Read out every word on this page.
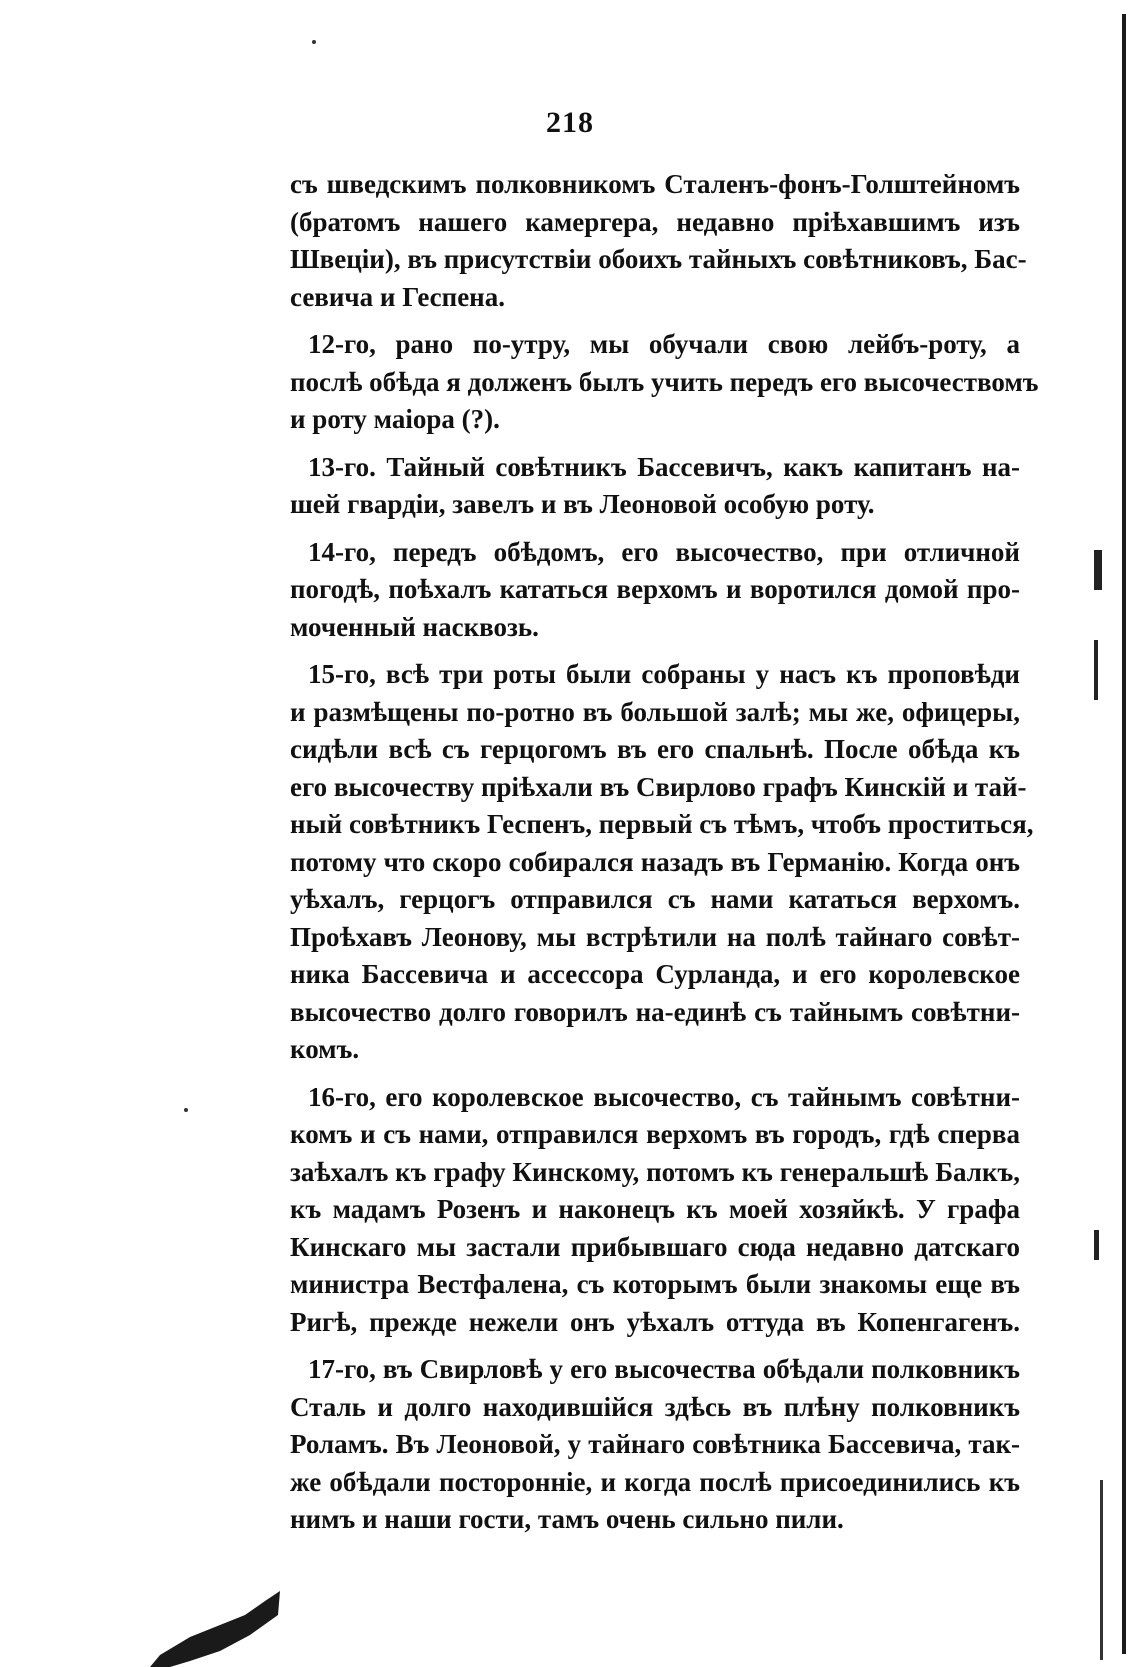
218

съ шведскимъ полковникомъ Сталенъ-фонъ-Голштейномъ
(братомъ нашего камергера, недавно пріѣхавшимъ изъ
Швеціи), въ присутствіи обоихъ тайныхъ совѣтниковъ, Бас-
севича и Геспена.

12-го, рано по-утру, мы обучали свою лейбъ-роту, а
послѣ обѣда я долженъ былъ учить передъ его высочествомъ
и роту маіора (?).

13-го. Тайный совѣтникъ Бассевичъ, какъ капитанъ на-
шей гвардіи, завелъ и въ Леоновой особую роту.

14-го, передъ обѣдомъ, его высочество, при отличной
погодѣ, поѣхалъ кататься верхомъ и воротился домой про-
моченный насквозь.

15-го, всѣ три роты были собраны у насъ къ проповѣди
и размѣщены по-ротно въ большой залѣ; мы же, офицеры,
сидѣли всѣ съ герцогомъ въ его спальнѣ. После обѣда къ
его высочеству пріѣхали въ Свирлово графъ Кинскій и тай-
ный совѣтникъ Геспенъ, первый съ тѣмъ, чтобъ проститься,
потому что скоро собирался назадъ въ Германію. Когда онъ
уѣхалъ, герцогъ отправился съ нами кататься верхомъ.
Проѣхавъ Леонову, мы встрѣтили на полѣ тайнаго совѣт-
ника Бассевича и ассессора Сурланда, и его королевское
высочество долго говорилъ на-единѣ съ тайнымъ совѣтни-
комъ.

16-го, его королевское высочество, съ тайнымъ совѣтни-
комъ и съ нами, отправился верхомъ въ городъ, гдѣ сперва
заѣхалъ къ графу Кинскому, потомъ къ генеральшѣ Балкъ,
къ мадамъ Розенъ и наконецъ къ моей хозяйкѣ. У графа
Кинскаго мы застали прибывшаго сюда недавно датскаго
министра Вестфалена, съ которымъ были знакомы еще въ
Ригѣ, прежде нежели онъ уѣхалъ оттуда въ Копенгагенъ.

17-го, въ Свирловѣ у его высочества обѣдали полковникъ
Сталь и долго находившійся здѣсь въ плѣну полковникъ
Роламъ. Въ Леоновой, у тайнаго совѣтника Бассевича, так-
же обѣдали посторонніе, и когда послѣ присоединились къ
нимъ и наши гости, тамъ очень сильно пили.
